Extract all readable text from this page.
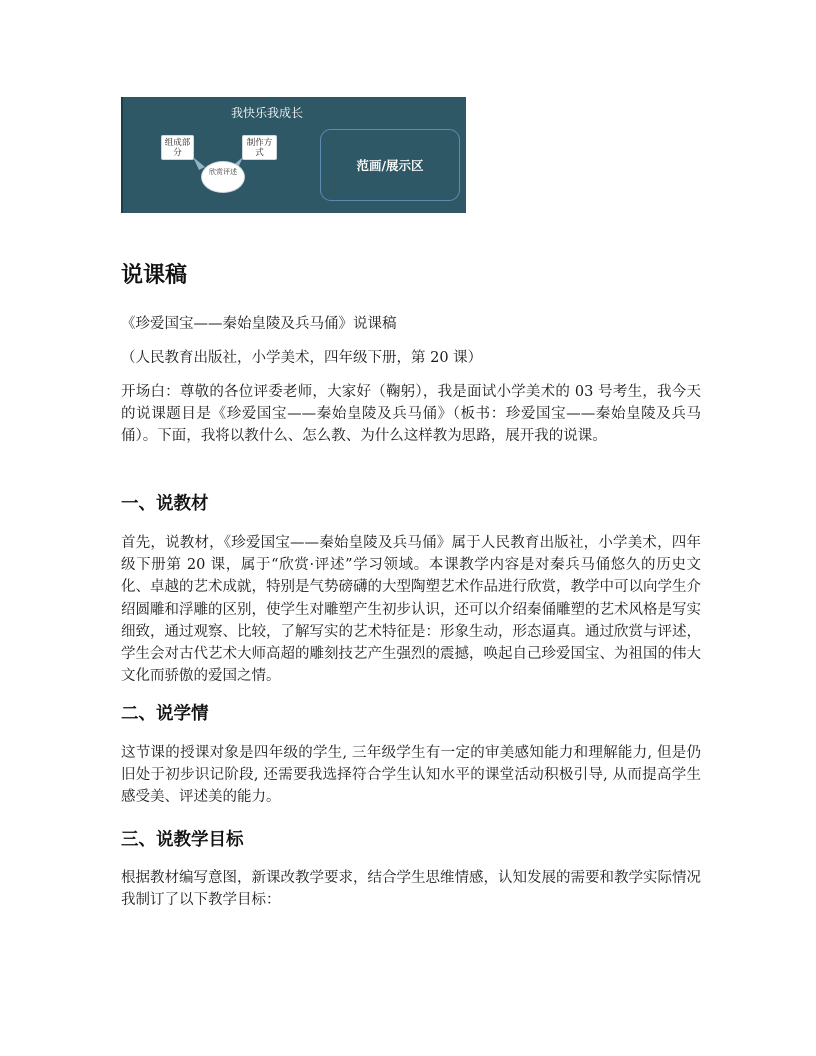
我快乐我成长
组成部分
制作方式
欣赏评述	范画/展示区
说课稿

《珍爱国宝——秦始皇陵及兵马俑》说课稿

（人民教育出版社，小学美术，四年级下册，第 20 课）

开场白：尊敬的各位评委老师，大家好（鞠躬），我是面试小学美术的 03 号考生，我今天的说课题目是《珍爱国宝——秦始皇陵及兵马俑》（板书：珍爱国宝——秦始皇陵及兵马俑）。下面，我将以教什么、怎么教、为什么这样教为思路，展开我的说课。

一、说教材

首先，说教材，《珍爱国宝——秦始皇陵及兵马俑》属于人民教育出版社，小学美术，四年级下册第 20 课，属于“欣赏·评述”学习领域。本课教学内容是对秦兵马俑悠久的历史文化、卓越的艺术成就，特别是气势磅礴的大型陶塑艺术作品进行欣赏，教学中可以向学生介绍圆雕和浮雕的区别，使学生对雕塑产生初步认识，还可以介绍秦俑雕塑的艺术风格是写实细致，通过观察、比较，了解写实的艺术特征是：形象生动，形态逼真。通过欣赏与评述，学生会对古代艺术大师高超的雕刻技艺产生强烈的震撼，唤起自己珍爱国宝、为祖国的伟大文化而骄傲的爱国之情。

二、说学情

这节课的授课对象是四年级的学生, 三年级学生有一定的审美感知能力和理解能力, 但是仍旧处于初步识记阶段, 还需要我选择符合学生认知水平的课堂活动积极引导, 从而提高学生感受美、评述美的能力。

三、说教学目标

根据教材编写意图，新课改教学要求，结合学生思维情感，认知发展的需要和教学实际情况我制订了以下教学目标：
